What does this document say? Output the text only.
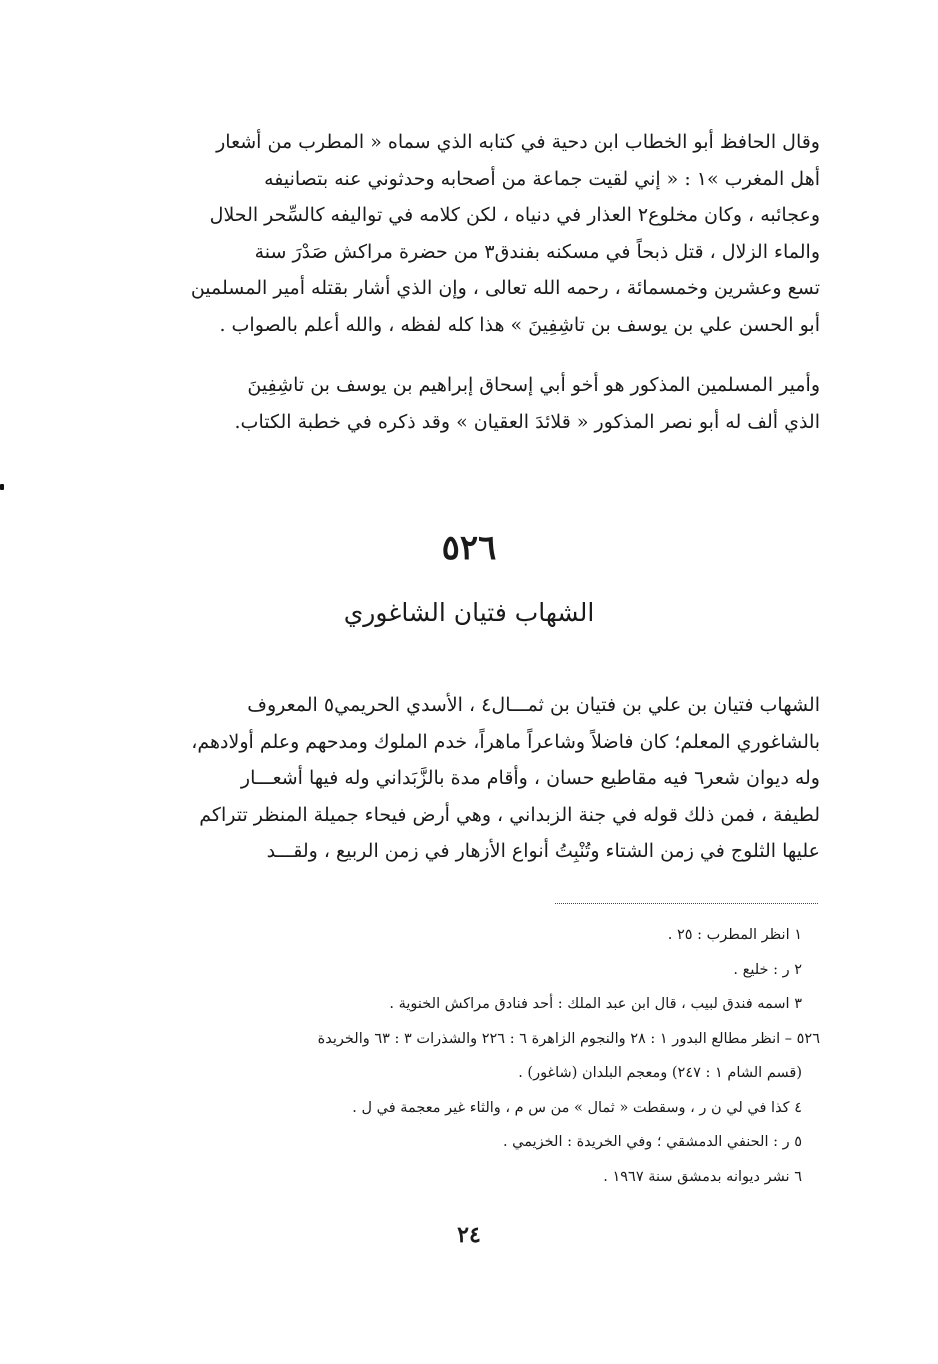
وقال الحافظ أبو الخطاب ابن دحية في كتابه الذي سماه « المطرب من أشعار

أهل المغرب »١ : « إني لقيت جماعة من أصحابه وحدثوني عنه بتصانيفه

وعجائبه ، وكان مخلوع٢ العذار في دنياه ، لكن كلامه في تواليفه كالسِّحر الحلال

والماء الزلال ، قتل ذبحاً في مسكنه بفندق٣ من حضرة مراكش صَدْرَ سنة

تسع وعشرين وخمسمائة ، رحمه الله تعالى ، وإن الذي أشار بقتله أمير المسلمين

أبو الحسن علي بن يوسف بن تاشِفِينَ » هذا كله لفظه ، والله أعلم بالصواب .

وأمير المسلمين المذكور هو أخو أبي إسحاق إبراهيم بن يوسف بن تاشِفِينَ

الذي ألف له أبو نصر المذكور « قلائدَ العقيان » وقد ذكره في خطبة الكتاب.

٥٢٦
الشهاب فتيان الشاغوري

الشهاب فتيان بن علي بن فتيان بن ثمـــال٤ ، الأسدي الحريمي٥ المعروف

بالشاغوري المعلم؛ كان فاضلاً وشاعراً ماهراً، خدم الملوك ومدحهم وعلم أولادهم،

وله ديوان شعر٦ فيه مقاطيع حسان ، وأقام مدة بالزَّبَداني وله فيها أشعـــار

لطيفة ، فمن ذلك قوله في جنة الزبداني ، وهي أرض فيحاء جميلة المنظر تتراكم

عليها الثلوج في زمن الشتاء وتُنْبِتُ أنواع الأزهار في زمن الربيع ، ولقـــد

١ انظر المطرب : ٢٥ .

٢ ر : خليع .

٣ اسمه فندق لبيب ، قال ابن عبد الملك : أحد فنادق مراكش الخنوية .

٥٢٦ – انظر مطالع البدور ١ : ٢٨ والنجوم الزاهرة ٦ : ٢٢٦ والشذرات ٣ : ٦٣ والخريدة

(قسم الشام ١ : ٢٤٧) ومعجم البلدان (شاغور) .

٤ كذا في لي ن ر ، وسقطت « ثمال » من س م ، والثاء غير معجمة في ل .

٥ ر : الحنفي الدمشقي ؛ وفي الخريدة : الخزيمي .

٦ نشر ديوانه بدمشق سنة ١٩٦٧ .

٢٤
